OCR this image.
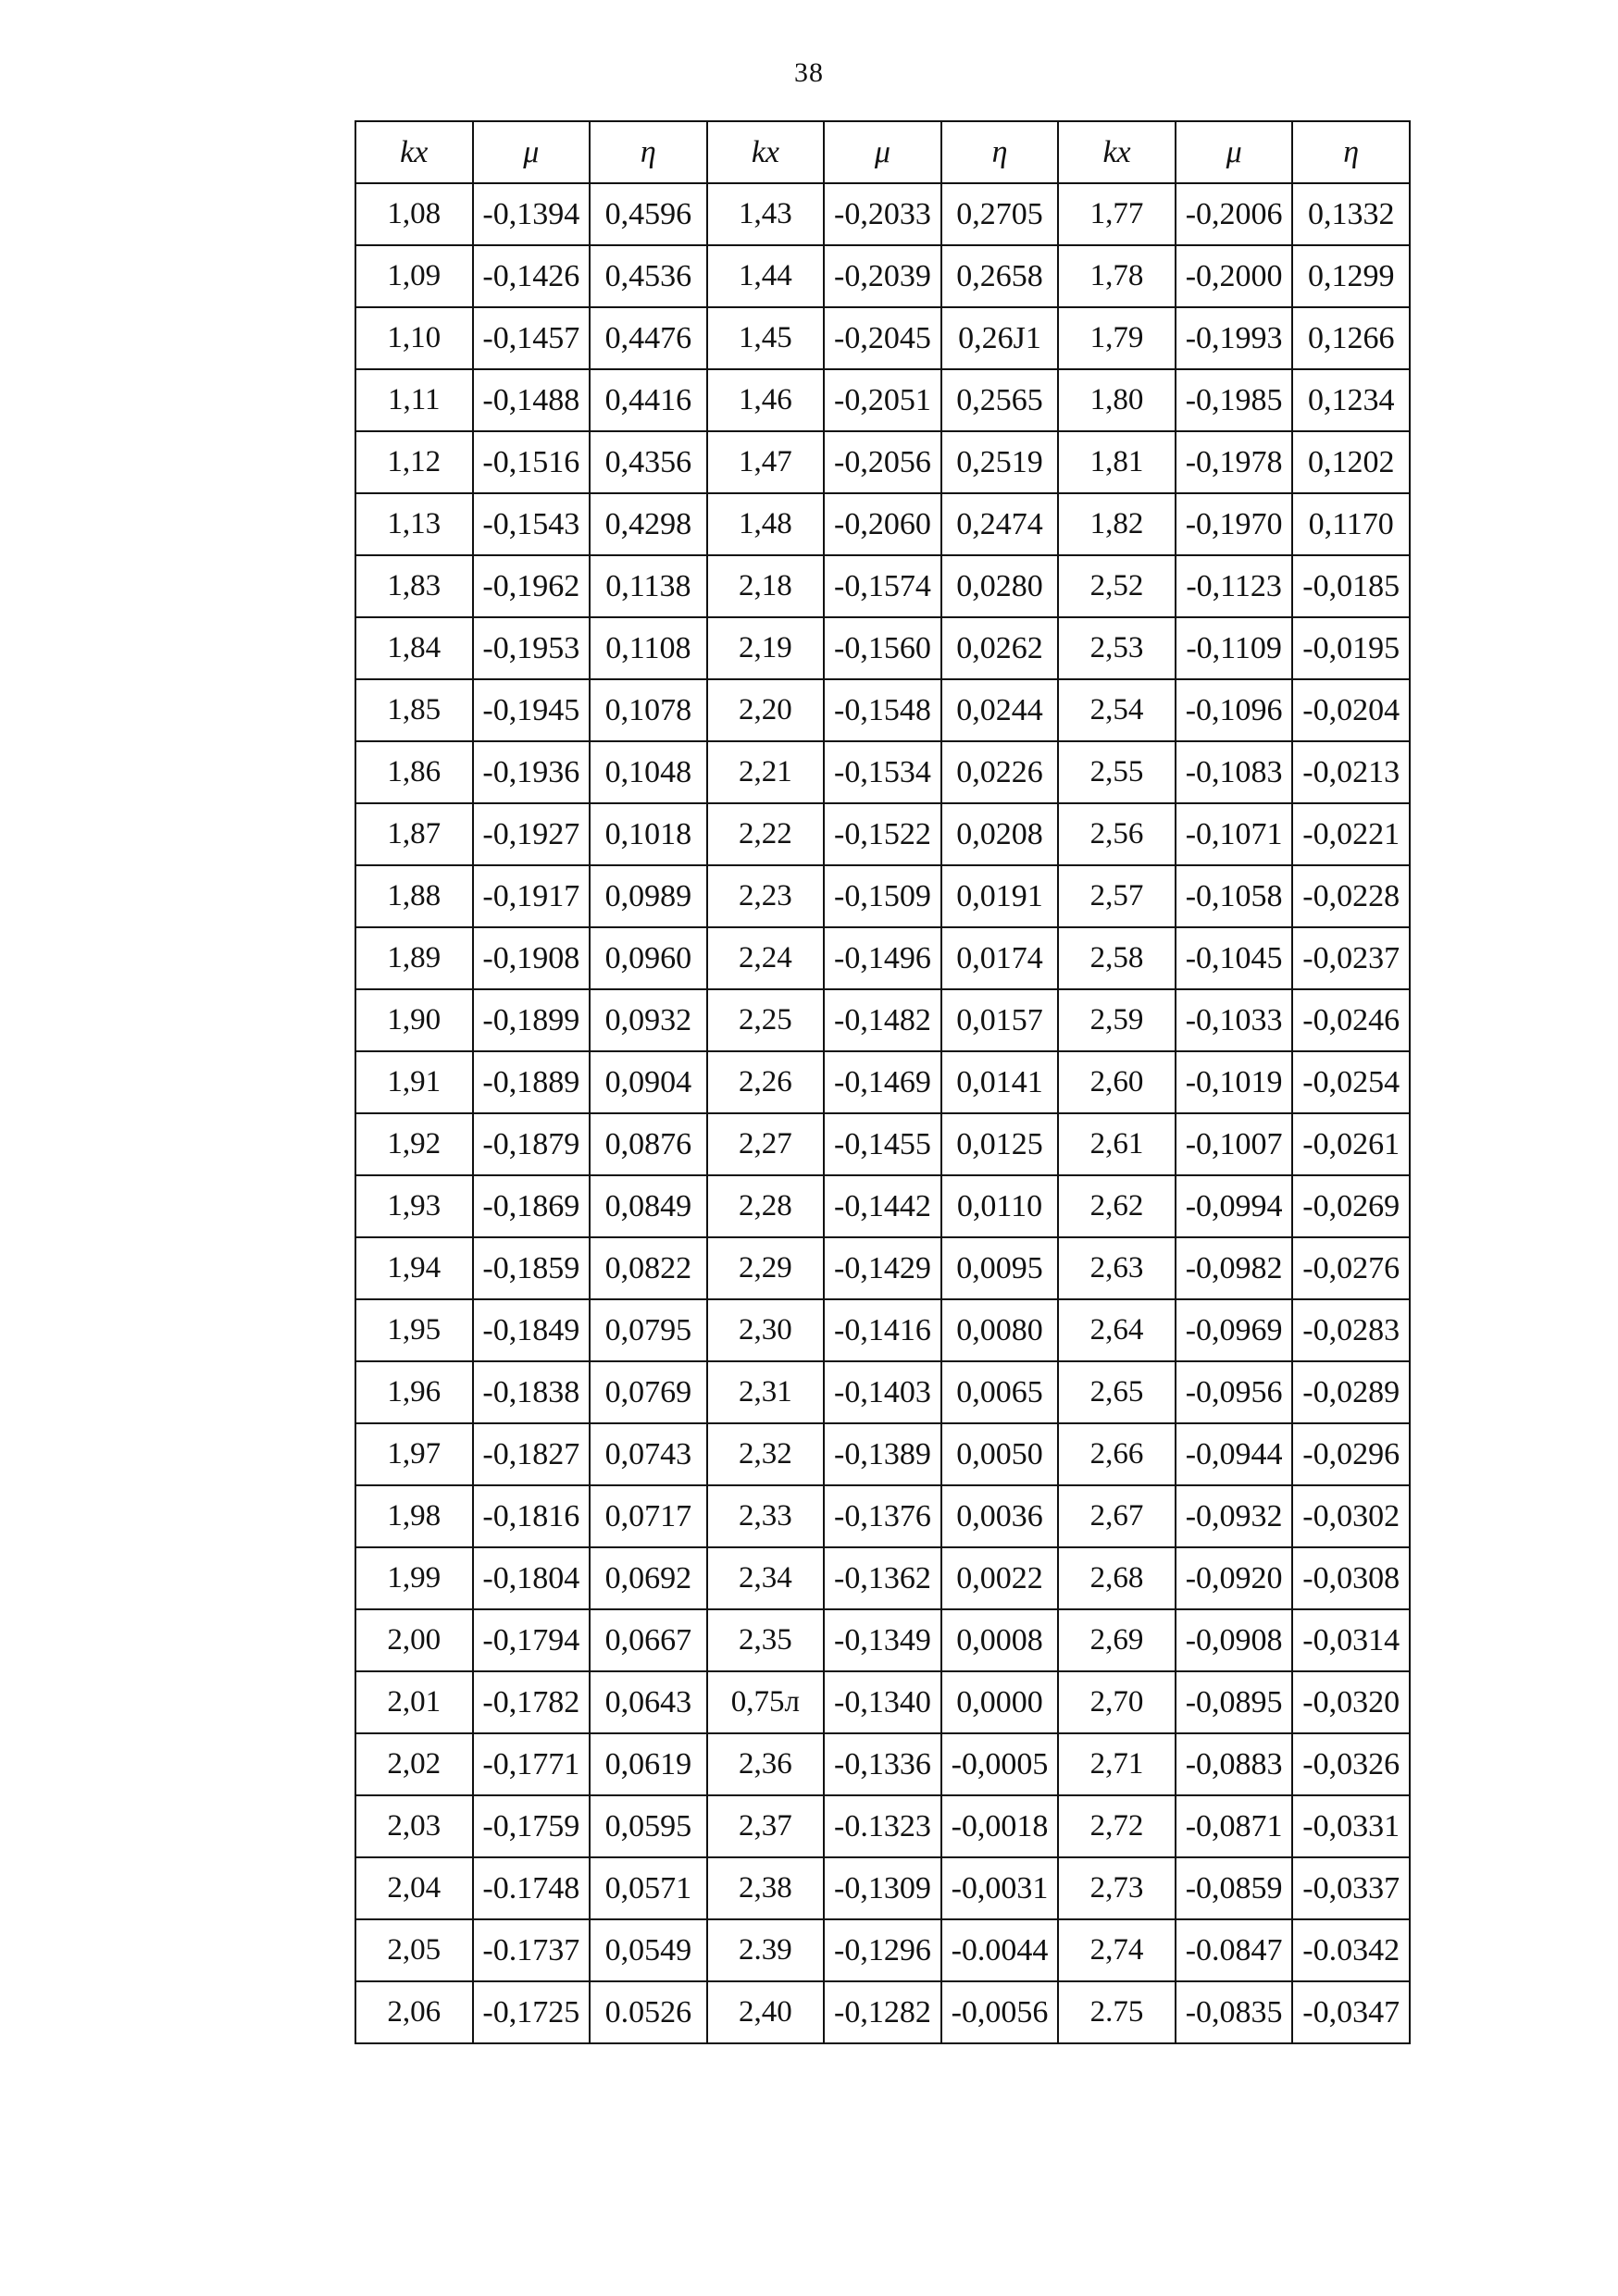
38
kx	μ	η	kx	μ	η	kx	μ	η
1,08	-0,1394	0,4596	1,43	-0,2033	0,2705	1,77	-0,2006	0,1332
1,09	-0,1426	0,4536	1,44	-0,2039	0,2658	1,78	-0,2000	0,1299
1,10	-0,1457	0,4476	1,45	-0,2045	0,26J1	1,79	-0,1993	0,1266
1,11	-0,1488	0,4416	1,46	-0,2051	0,2565	1,80	-0,1985	0,1234
1,12	-0,1516	0,4356	1,47	-0,2056	0,2519	1,81	-0,1978	0,1202
1,13	-0,1543	0,4298	1,48	-0,2060	0,2474	1,82	-0,1970	0,1170
1,83	-0,1962	0,1138	2,18	-0,1574	0,0280	2,52	-0,1123	-0,0185
1,84	-0,1953	0,1108	2,19	-0,1560	0,0262	2,53	-0,1109	-0,0195
1,85	-0,1945	0,1078	2,20	-0,1548	0,0244	2,54	-0,1096	-0,0204
1,86	-0,1936	0,1048	2,21	-0,1534	0,0226	2,55	-0,1083	-0,0213
1,87	-0,1927	0,1018	2,22	-0,1522	0,0208	2,56	-0,1071	-0,0221
1,88	-0,1917	0,0989	2,23	-0,1509	0,0191	2,57	-0,1058	-0,0228
1,89	-0,1908	0,0960	2,24	-0,1496	0,0174	2,58	-0,1045	-0,0237
1,90	-0,1899	0,0932	2,25	-0,1482	0,0157	2,59	-0,1033	-0,0246
1,91	-0,1889	0,0904	2,26	-0,1469	0,0141	2,60	-0,1019	-0,0254
1,92	-0,1879	0,0876	2,27	-0,1455	0,0125	2,61	-0,1007	-0,0261
1,93	-0,1869	0,0849	2,28	-0,1442	0,0110	2,62	-0,0994	-0,0269
1,94	-0,1859	0,0822	2,29	-0,1429	0,0095	2,63	-0,0982	-0,0276
1,95	-0,1849	0,0795	2,30	-0,1416	0,0080	2,64	-0,0969	-0,0283
1,96	-0,1838	0,0769	2,31	-0,1403	0,0065	2,65	-0,0956	-0,0289
1,97	-0,1827	0,0743	2,32	-0,1389	0,0050	2,66	-0,0944	-0,0296
1,98	-0,1816	0,0717	2,33	-0,1376	0,0036	2,67	-0,0932	-0,0302
1,99	-0,1804	0,0692	2,34	-0,1362	0,0022	2,68	-0,0920	-0,0308
2,00	-0,1794	0,0667	2,35	-0,1349	0,0008	2,69	-0,0908	-0,0314
2,01	-0,1782	0,0643	0,75л	-0,1340	0,0000	2,70	-0,0895	-0,0320
2,02	-0,1771	0,0619	2,36	-0,1336	-0,0005	2,71	-0,0883	-0,0326
2,03	-0,1759	0,0595	2,37	-0.1323	-0,0018	2,72	-0,0871	-0,0331
2,04	-0.1748	0,0571	2,38	-0,1309	-0,0031	2,73	-0,0859	-0,0337
2,05	-0.1737	0,0549	2.39	-0,1296	-0.0044	2,74	-0.0847	-0.0342
2,06	-0,1725	0.0526	2,40	-0,1282	-0,0056	2.75	-0,0835	-0,0347
